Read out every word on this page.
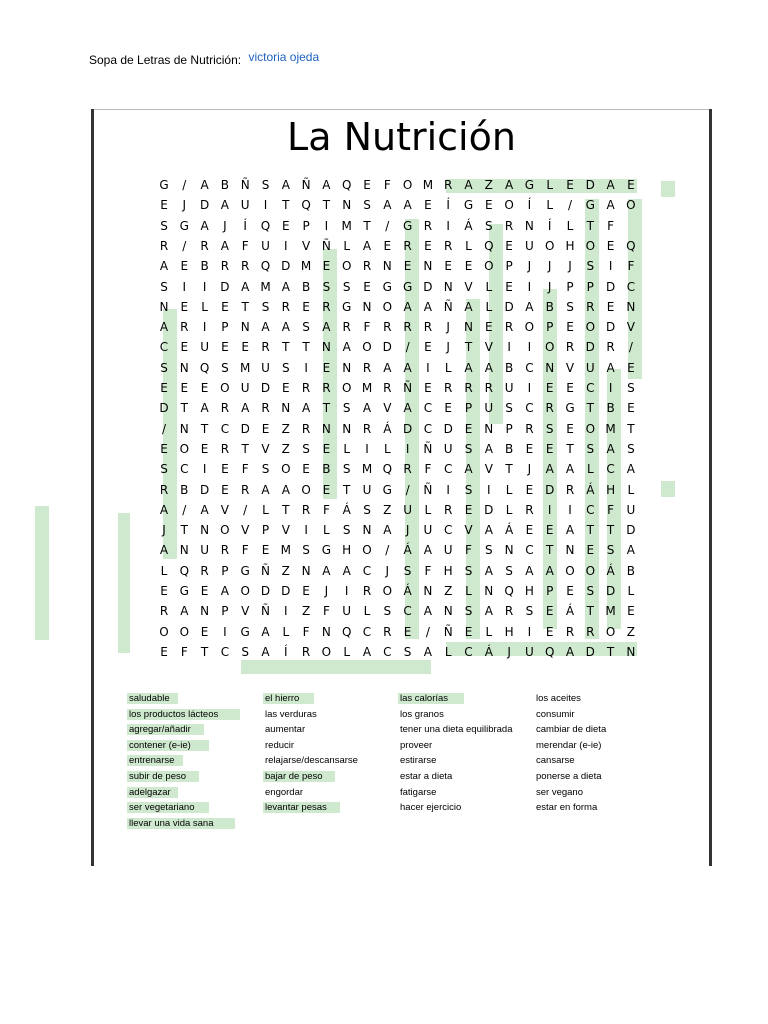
Sopa de Letras de Nutrición: victoria ojeda
La Nutrición
G	/	A	B Ñ	S	A Ñ A Q E	F	O M R	A	Z	A G	L	E D A	E
E	J	D A U	I	T Q T	N	S	A	A	E	Í	G E O	Í	L	/	G A O
S G A	J	Í	Q E	P	I	M T	/	G R	I	Á	S	R N	Í	L	T	F
R	/	R	A	F	U	I	V Ñ	L	A	E	R	E	R	L	Q E	U O H O E Q
A	E	B	R R Q D M E O R N	E	N	E	E O P	J	J	J	S	I	F
S	I	I	D A M A	B	S	S	E G G D N V	L	E	I	J	P	P	D C
N	E	L	E	T	S	R	E	R G N O A	A Ñ A	L	D A	B	S	R	E	N
A	R	I	P	N A	A	S	A	R	F	R R R	J	N	E	R O P	E O D V
C	E	U	E	E	R	T	T	N A O D	/	E	J	T	V	I	I	O R D R	/
S N Q S M U	S	I	E	N R	A	A	I	L	A	A	B C N V U A	E
E	E	E O U D E	R R O M R Ñ	E	R R R U	I	E	E	C	I	S
D	T	A	R	A	R N A	T	S	A	V	A C	E	P	U	S	C R G T	B	E
/	N	T	C D E	Z	R N N R	Á D C D E	N	P	R	S	E O M T
E O E	R	T	V	Z	S	E	L	I	L	I	Ñ U	S	A	B	E	E	T	S	A	S
S	C	I	E	F	S O E	B	S M Q R	F	C	A	V	T	J	A	A	L	C	A
R	B D E	R	A	A O E	T	U G	/	Ñ	I	S	I	L	E D R	Á H	L
A	/	A	V	/	L	T	R	F	Á	S	Z U	L	R	E D	L	R	I	I	C	F	U
J	T	N O V	P	V	I	L	S	N A	J	U C	V	A	Á	E	E	A	T	T	D
A N U R	F	E M S G H O	/	Á	A U	F	S N C	T	N	E	S	A
L	Q R	P	G Ñ Z N A	A	C	J	S	F	H S	A	S	A	A O O Á	B
E G E	A O D D E	J	I	R O Á N Z	L	N Q H	P	E	S D	L
R	A N	P	V Ñ	I	Z	F	U	L	S	C	A N	S	A	R	S	E	Á	T M E
O O E	I	G A	L	F	N Q C R	E	/	Ñ	E	L	H	I	E	R R O Z
E	F	T	C	S	A	Í	R O	L	A C	S	A	L	C	Á	J	U Q A D	T	N
saludable
los productos lácteos
agregar/añadir
contener (e-ie)
entrenarse
subir de peso
adelgazar
ser vegetariano
llevar una vida sana
el hierro
las verduras
aumentar
reducir
relajarse/descansarse
bajar de peso
engordar
levantar pesas
las calorías
los granos
tener una dieta equilibrada
proveer
estirarse
estar a dieta
fatigarse
hacer ejercicio
los aceites
consumir
cambiar de dieta
merendar (e-ie)
cansarse
ponerse a dieta
ser vegano
estar en forma
